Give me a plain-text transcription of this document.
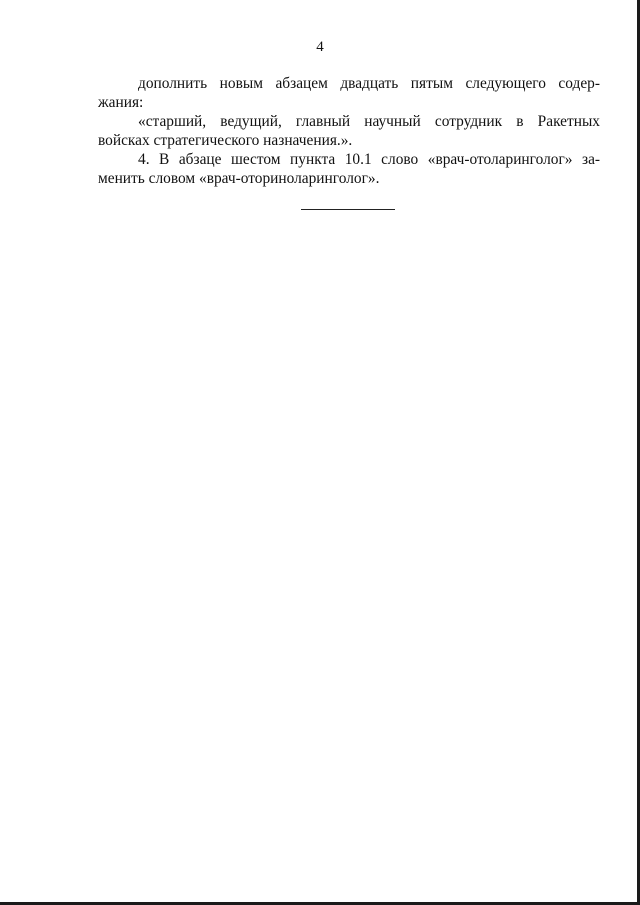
4
дополнить новым абзацем двадцать пятым следующего содер-
жания:
«старший, ведущий, главный научный сотрудник в Ракетных
войсках стратегического назначения.».
4. В абзаце шестом пункта 10.1 слово «врач-отоларинголог» за-
менить словом «врач-оториноларинголог».
